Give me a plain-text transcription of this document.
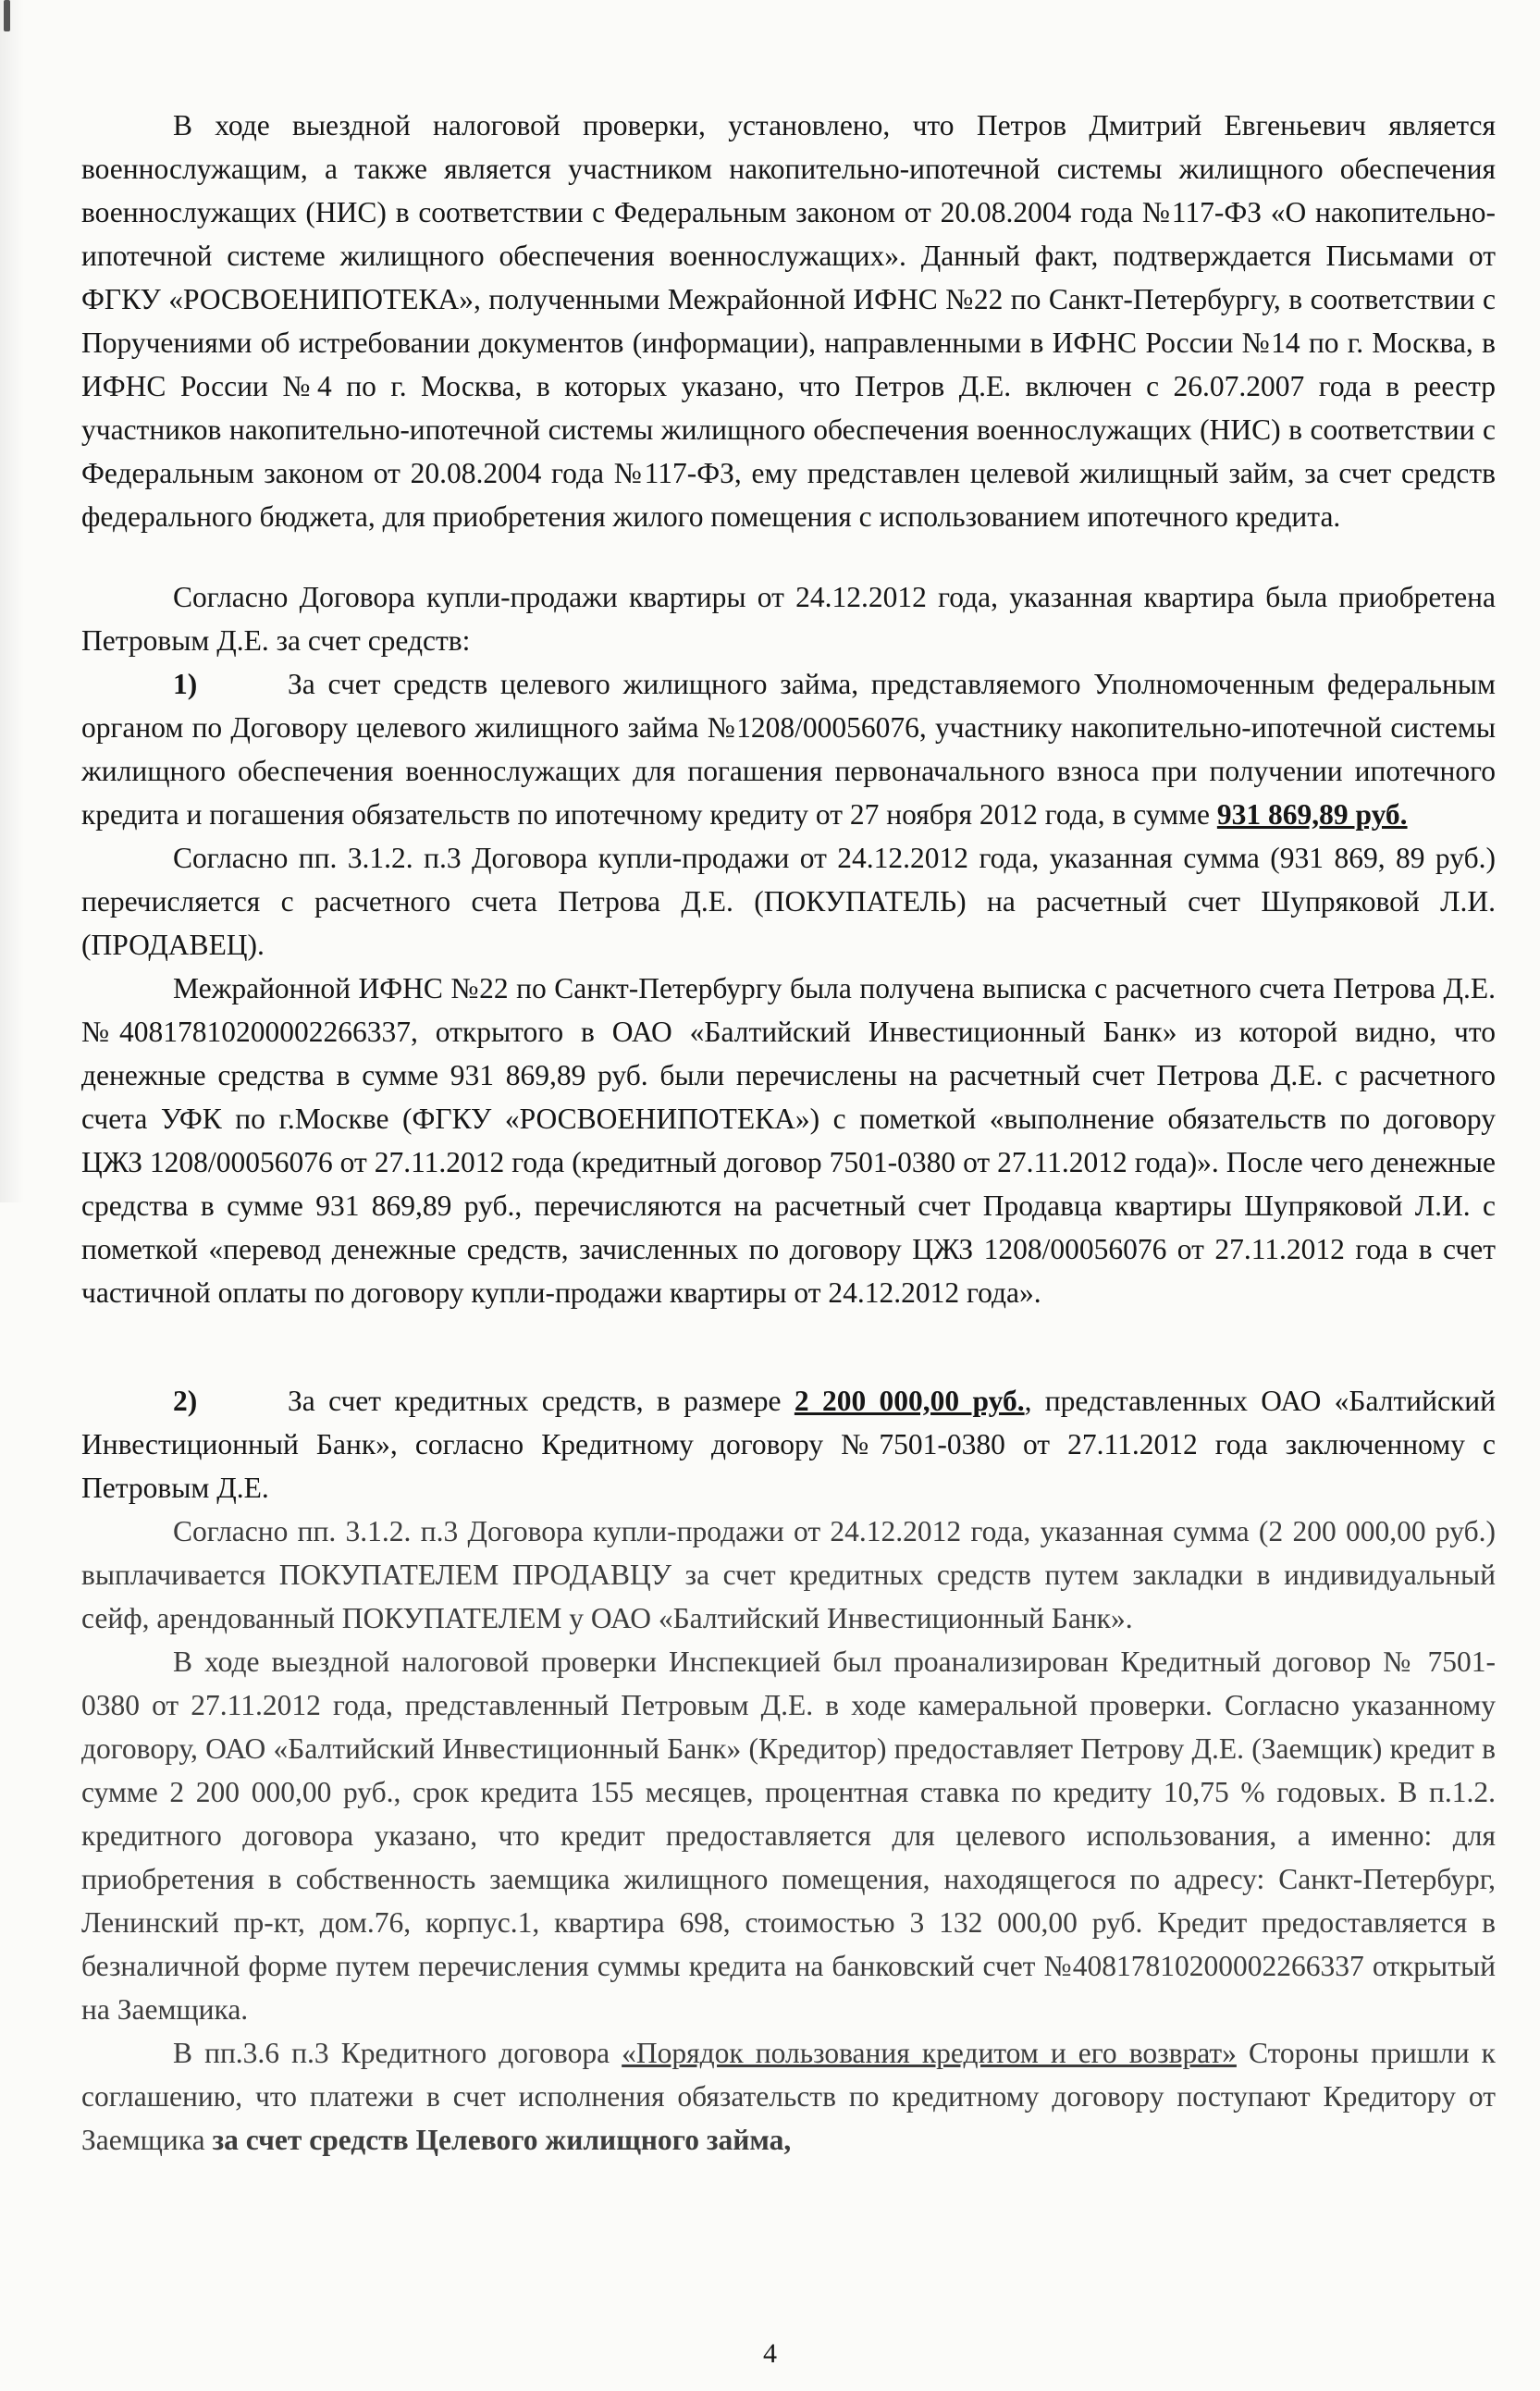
В ходе выездной налоговой проверки, установлено, что Петров Дмитрий Евгеньевич является военнослужащим, а также является участником накопительно-ипотечной системы жилищного обеспечения военнослужащих (НИС) в соответствии с Федеральным законом от 20.08.2004 года №117-ФЗ «О накопительно-ипотечной системе жилищного обеспечения военнослужащих». Данный факт, подтверждается Письмами от ФГКУ «РОСВОЕНИПОТЕКА», полученными Межрайонной ИФНС №22 по Санкт-Петербургу, в соответствии с Поручениями об истребовании документов (информации), направленными в ИФНС России №14 по г. Москва, в ИФНС России №4 по г. Москва, в которых указано, что Петров Д.Е. включен с 26.07.2007 года в реестр участников накопительно-ипотечной системы жилищного обеспечения военнослужащих (НИС) в соответствии с Федеральным законом от 20.08.2004 года №117-ФЗ, ему представлен целевой жилищный займ, за счет средств федерального бюджета, для приобретения жилого помещения с использованием ипотечного кредита.

Согласно Договора купли-продажи квартиры от 24.12.2012 года, указанная квартира была приобретена Петровым Д.Е. за счет средств:

1)	За счет средств целевого жилищного займа, представляемого Уполномоченным федеральным органом по Договору целевого жилищного займа №1208/00056076, участнику накопительно-ипотечной системы жилищного обеспечения военнослужащих для погашения первоначального взноса при получении ипотечного кредита и погашения обязательств по ипотечному кредиту от 27 ноября 2012 года, в сумме 931 869,89 руб.

Согласно пп. 3.1.2. п.3 Договора купли-продажи от 24.12.2012 года, указанная сумма (931 869, 89 руб.) перечисляется с расчетного счета Петрова Д.Е. (ПОКУПАТЕЛЬ) на расчетный счет Шупряковой Л.И. (ПРОДАВЕЦ).

Межрайонной ИФНС №22 по Санкт-Петербургу была получена выписка с расчетного счета Петрова Д.Е. №40817810200002266337, открытого в ОАО «Балтийский Инвестиционный Банк» из которой видно, что денежные средства в сумме 931 869,89 руб. были перечислены на расчетный счет Петрова Д.Е. с расчетного счета УФК по г.Москве (ФГКУ «РОСВОЕНИПОТЕКА») с пометкой «выполнение обязательств по договору ЦЖЗ 1208/00056076 от 27.11.2012 года (кредитный договор 7501-0380 от 27.11.2012 года)». После чего денежные средства в сумме 931 869,89 руб., перечисляются на расчетный счет Продавца квартиры Шупряковой Л.И. с пометкой «перевод денежные средств, зачисленных по договору ЦЖЗ 1208/00056076 от 27.11.2012 года в счет частичной оплаты по договору купли-продажи квартиры от 24.12.2012 года».

2)	За счет кредитных средств, в размере 2 200 000,00 руб., представленных ОАО «Балтийский Инвестиционный Банк», согласно Кредитному договору №7501-0380 от 27.11.2012 года заключенному с Петровым Д.Е.

Согласно пп. 3.1.2. п.3 Договора купли-продажи от 24.12.2012 года, указанная сумма (2 200 000,00 руб.) выплачивается ПОКУПАТЕЛЕМ ПРОДАВЦУ за счет кредитных средств путем закладки в индивидуальный сейф, арендованный ПОКУПАТЕЛЕМ у ОАО «Балтийский Инвестиционный Банк».

В ходе выездной налоговой проверки Инспекцией был проанализирован Кредитный договор № 7501-0380 от 27.11.2012 года, представленный Петровым Д.Е. в ходе камеральной проверки. Согласно указанному договору, ОАО «Балтийский Инвестиционный Банк» (Кредитор) предоставляет Петрову Д.Е. (Заемщик) кредит в сумме 2 200 000,00 руб., срок кредита 155 месяцев, процентная ставка по кредиту 10,75 % годовых. В п.1.2. кредитного договора указано, что кредит предоставляется для целевого использования, а именно: для приобретения в собственность заемщика жилищного помещения, находящегося по адресу: Санкт-Петербург, Ленинский пр-кт, дом.76, корпус.1, квартира 698, стоимостью 3 132 000,00 руб. Кредит предоставляется в безналичной форме путем перечисления суммы кредита на банковский счет №40817810200002266337 открытый на Заемщика.

В пп.3.6 п.3 Кредитного договора «Порядок пользования кредитом и его возврат» Стороны пришли к соглашению, что платежи в счет исполнения обязательств по кредитному договору поступают Кредитору от Заемщика за счет средств Целевого жилищного займа,

4
